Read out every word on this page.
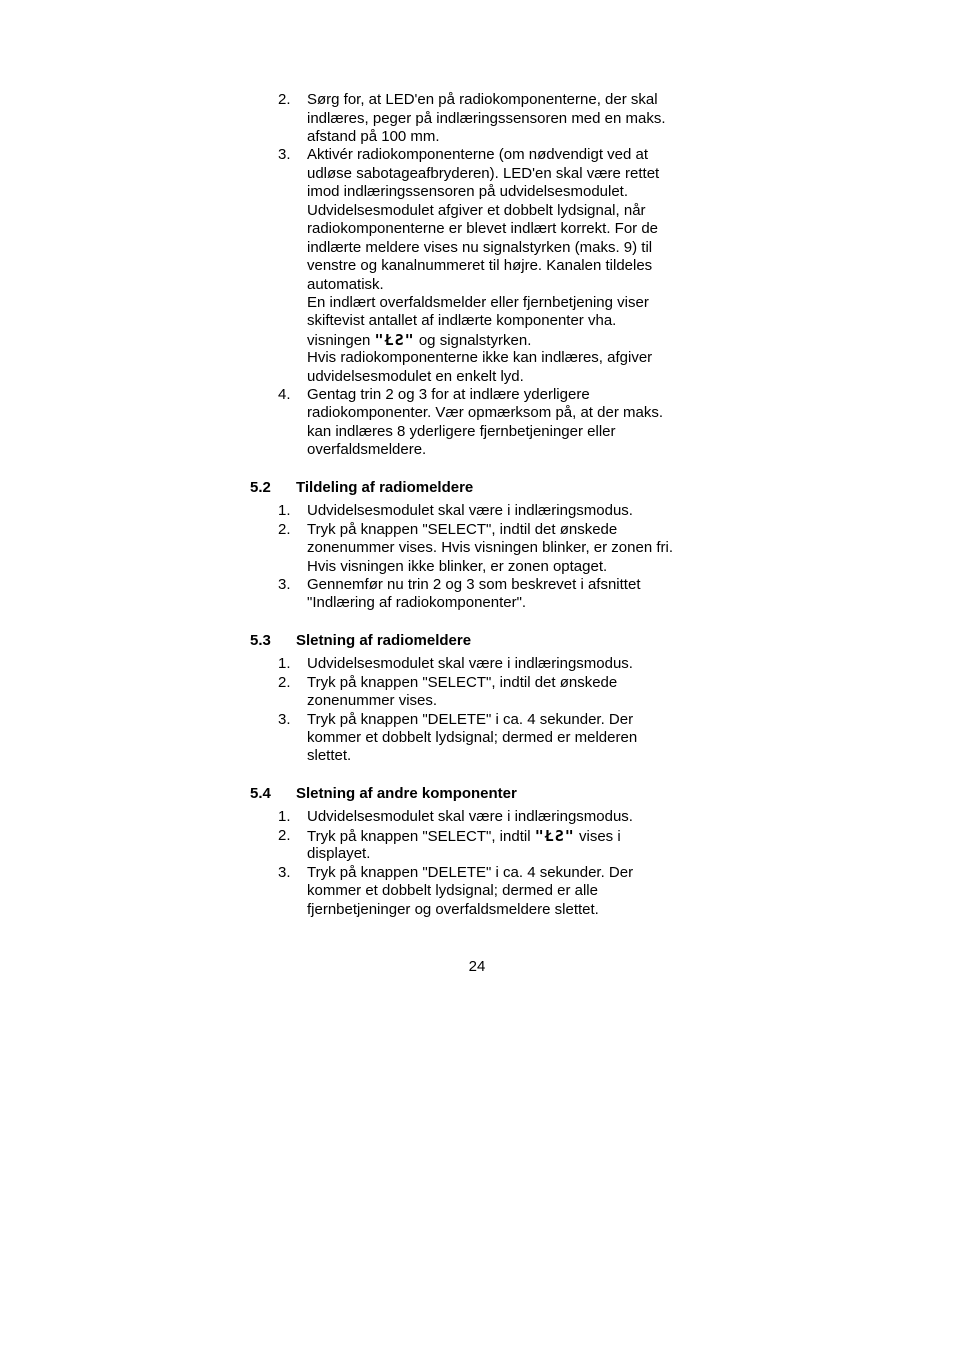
2. Sørg for, at LED'en på radiokomponenterne, der skal
indlæres, peger på indlæringssensoren med en maks.
afstand på 100 mm.
3. Aktivér radiokomponenterne (om nødvendigt ved at
udløse sabotageafbryderen). LED'en skal være rettet
imod indlæringssensoren på udvidelsesmodulet.
Udvidelsesmodulet afgiver et dobbelt lydsignal, når
radiokomponenterne er blevet indlært korrekt. For de
indlærte meldere vises nu signalstyrken (maks. 9) til
venstre og kanalnummeret til højre. Kanalen tildeles
automatisk.
En indlært overfaldsmelder eller fjernbetjening viser
skiftevist antallet af indlærte komponenter vha.
visningen "ŁƧ" og signalstyrken.
Hvis radiokomponenterne ikke kan indlæres, afgiver
udvidelsesmodulet en enkelt lyd.
4. Gentag trin 2 og 3 for at indlære yderligere
radiokomponenter. Vær opmærksom på, at der maks.
kan indlæres 8 yderligere fjernbetjeninger eller
overfaldsmeldere.
5.2 Tildeling af radiomeldere
1. Udvidelsesmodulet skal være i indlæringsmodus.
2. Tryk på knappen "SELECT", indtil det ønskede
zonenummer vises. Hvis visningen blinker, er zonen fri.
Hvis visningen ikke blinker, er zonen optaget.
3. Gennemfør nu trin 2 og 3 som beskrevet i afsnittet
"Indlæring af radiokomponenter".
5.3 Sletning af radiomeldere
1. Udvidelsesmodulet skal være i indlæringsmodus.
2. Tryk på knappen "SELECT", indtil det ønskede
zonenummer vises.
3. Tryk på knappen "DELETE" i ca. 4 sekunder. Der
kommer et dobbelt lydsignal; dermed er melderen
slettet.
5.4 Sletning af andre komponenter
1. Udvidelsesmodulet skal være i indlæringsmodus.
2. Tryk på knappen "SELECT", indtil "ŁƧ" vises i
displayet.
3. Tryk på knappen "DELETE" i ca. 4 sekunder. Der
kommer et dobbelt lydsignal; dermed er alle
fjernbetjeninger og overfaldsmeldere slettet.
24
